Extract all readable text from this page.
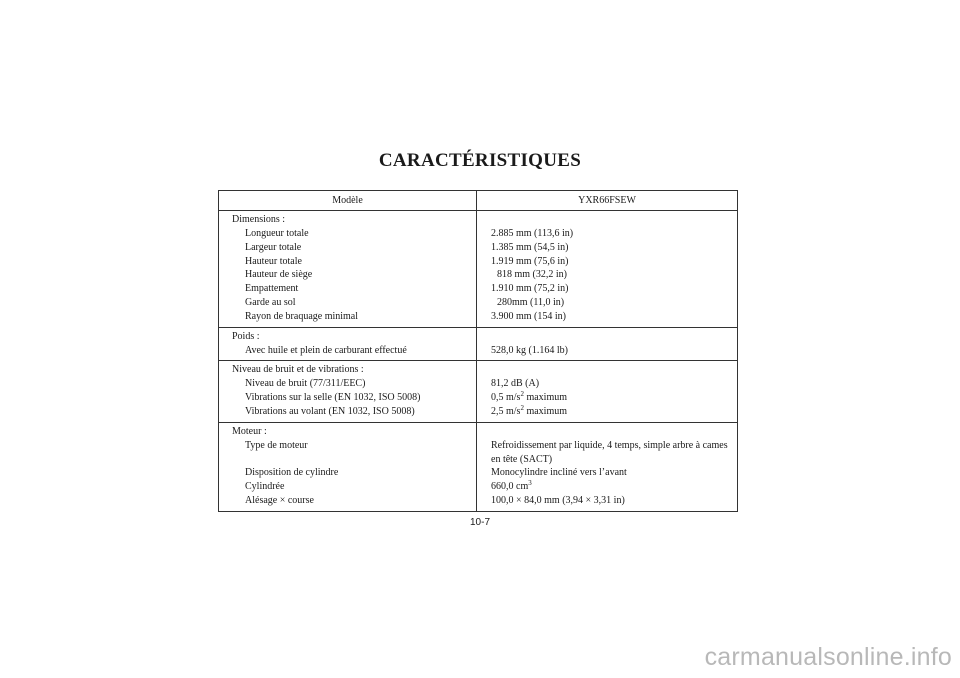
CARACTÉRISTIQUES
Modèle	YXR66FSEW
Dimensions :
Longueur totale
Largeur totale
Hauteur totale
Hauteur de siège
Empattement
Garde au sol
Rayon de braquage minimal
2.885 mm (113,6 in)
1.385 mm (54,5 in)
1.919 mm (75,6 in)
818 mm (32,2 in)
1.910 mm (75,2 in)
280mm (11,0 in)
3.900 mm (154 in)
Poids :
Avec huile et plein de carburant effectué	528,0 kg (1.164 lb)
Niveau de bruit et de vibrations :
Niveau de bruit (77/311/EEC)
Vibrations sur la selle (EN 1032, ISO 5008)
Vibrations au volant (EN 1032, ISO 5008)
81,2 dB (A)
0,5 $m/s^2$ maximum
2,5 $m/s^2$ maximum
Moteur :
Type de moteur
Disposition de cylindre
Cylindrée
Alésage × course
Refroidissement par liquide, 4 temps, simple arbre à cames en tête (SACT)
Monocylindre incliné vers l’avant
660,0 $cm^3$
100,0 × 84,0 mm (3,94 × 3,31 in)
10-7
carmanualsonline.info
